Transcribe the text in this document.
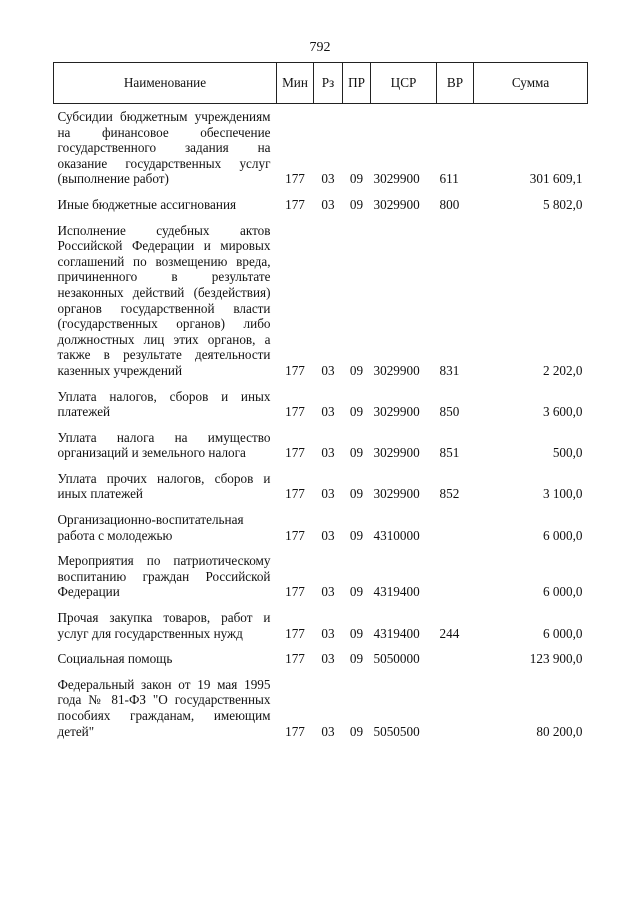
792
Наименование	Мин	Рз	ПР	ЦСР	ВР	Сумма
Субсидии бюджетным учреждениям на финансовое обеспечение государственного задания на оказание государственных услуг (выполнение работ)	177	03	09	3029900	611	301 609,1
Иные бюджетные ассигнования	177	03	09	3029900	800	5 802,0
Исполнение судебных актов Российской Федерации и мировых соглашений по возмещению вреда, причиненного в результате незаконных действий (бездействия) органов государственной власти (государственных органов) либо должностных лиц этих органов, а также в результате деятельности казенных учреждений	177	03	09	3029900	831	2 202,0
Уплата налогов, сборов и иных платежей	177	03	09	3029900	850	3 600,0
Уплата налога на имущество организаций и земельного налога	177	03	09	3029900	851	500,0
Уплата прочих налогов, сборов и иных платежей	177	03	09	3029900	852	3 100,0
Организационно-воспитательная работа с молодежью	177	03	09	4310000		6 000,0
Мероприятия по патриотическому воспитанию граждан Российской Федерации	177	03	09	4319400		6 000,0
Прочая закупка товаров, работ и услуг для государственных нужд	177	03	09	4319400	244	6 000,0
Социальная помощь	177	03	09	5050000		123 900,0
Федеральный закон от 19 мая 1995 года № 81-ФЗ "О государственных пособиях гражданам, имеющим детей"	177	03	09	5050500		80 200,0
